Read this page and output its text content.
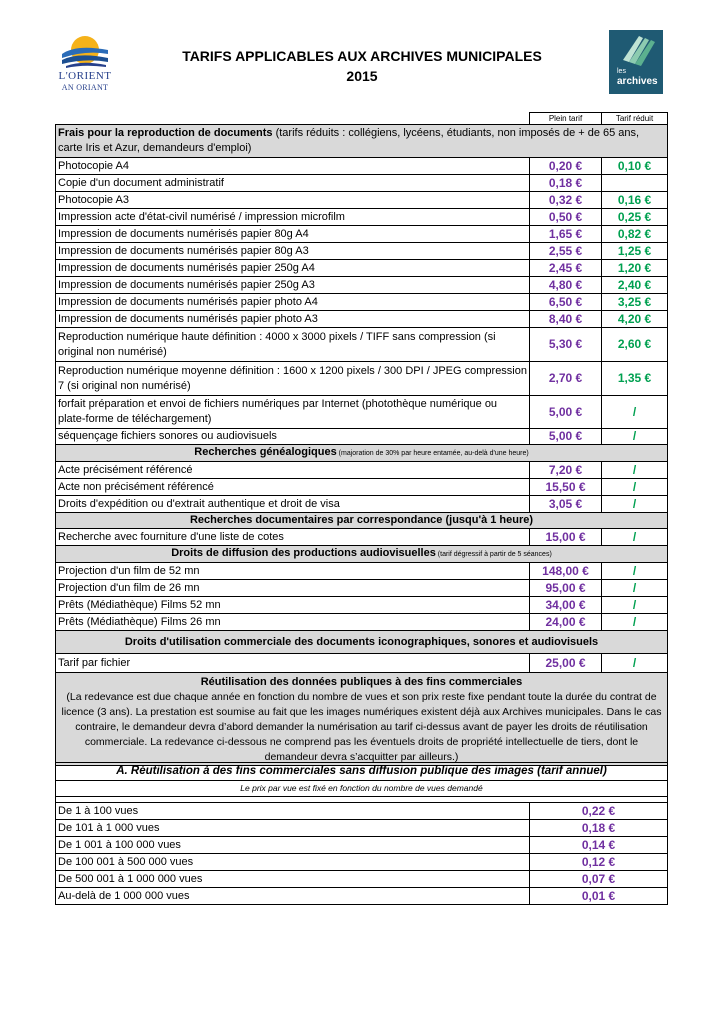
L'ORIENT
AN ORIANT
TARIFS APPLICABLES AUX ARCHIVES MUNICIPALES
2015	les
archives
	Plein tarif	Tarif réduit
Frais pour la reproduction de documents (tarifs réduits : collégiens, lycéens, étudiants, non imposés de + de 65 ans, carte Iris et Azur, demandeurs d'emploi)		
Photocopie A4	0,20 €	0,10 €
Copie d'un document administratif	0,18 €	
Photocopie A3	0,32 €	0,16 €
Impression acte d'état-civil numérisé / impression microfilm	0,50 €	0,25 €
Impression de documents numérisés papier 80g A4	1,65 €	0,82 €
Impression de documents numérisés papier 80g A3	2,55 €	1,25 €
Impression de documents numérisés papier 250g A4	2,45 €	1,20 €
Impression de documents numérisés papier 250g A3	4,80 €	2,40 €
Impression de documents numérisés papier photo A4	6,50 €	3,25 €
Impression de documents numérisés papier photo A3	8,40 €	4,20 €
Reproduction numérique haute définition : 4000 x 3000 pixels / TIFF sans compression (si original non numérisé)	5,30 €	2,60 €
Reproduction numérique moyenne définition : 1600 x 1200 pixels / 300 DPI / JPEG compression 7 (si original non numérisé)	2,70 €	1,35 €
forfait préparation et envoi de fichiers numériques par Internet (photothèque numérique ou plate-forme de téléchargement)	5,00 €	/
séquençage fichiers sonores ou audiovisuels	5,00 €	/
Recherches généalogiques (majoration de 30% par heure entamée, au-delà d'une heure)		
Acte précisément référencé	7,20 €	/
Acte non précisément référencé	15,50 €	/
Droits d'expédition ou d'extrait authentique et droit de visa	3,05 €	/
Recherches documentaires par correspondance (jusqu'à 1 heure)		
Recherche avec fourniture d'une liste de cotes	15,00 €	/
Droits de diffusion des productions audiovisuelles (tarif dégressif à partir de 5 séances)		
Projection d'un film de 52 mn	148,00 €	/
Projection d'un film de 26 mn	95,00 €	/
Prêts (Médiathèque) Films 52 mn	34,00 €	/
Prêts (Médiathèque) Films 26 mn	24,00 €	/
Droits d'utilisation commerciale des documents iconographiques, sonores et audiovisuels		
Tarif par fichier	25,00 €	/

Réutilisation des données publiques à des fins commerciales
(La redevance est due chaque année en fonction du nombre de vues et son prix reste fixe pendant toute la durée du contrat de licence (3 ans). La prestation est soumise au fait que les images numériques existent déjà aux Archives municipales. Dans le cas contraire, le demandeur devra d’abord demander la numérisation au tarif ci-dessus avant de payer les droits de réutilisation commerciale. La redevance ci-dessous ne comprend pas les éventuels droits de propriété intellectuelle de tiers, dont le demandeur devra s’acquitter par ailleurs.)		
A. Réutilisation à des fins commerciales sans diffusion publique des images (tarif annuel)	
Le prix par vue est fixé en fonction du nombre de vues demandé	

De 1 à 100 vues	0,22 €
De 101 à 1 000 vues	0,18 €
De 1 001 à 100 000 vues	0,14 €
De 100 001 à 500 000 vues	0,12 €
De 500 001 à 1 000 000 vues	0,07 €
Au-delà de 1 000 000 vues	0,01 €
